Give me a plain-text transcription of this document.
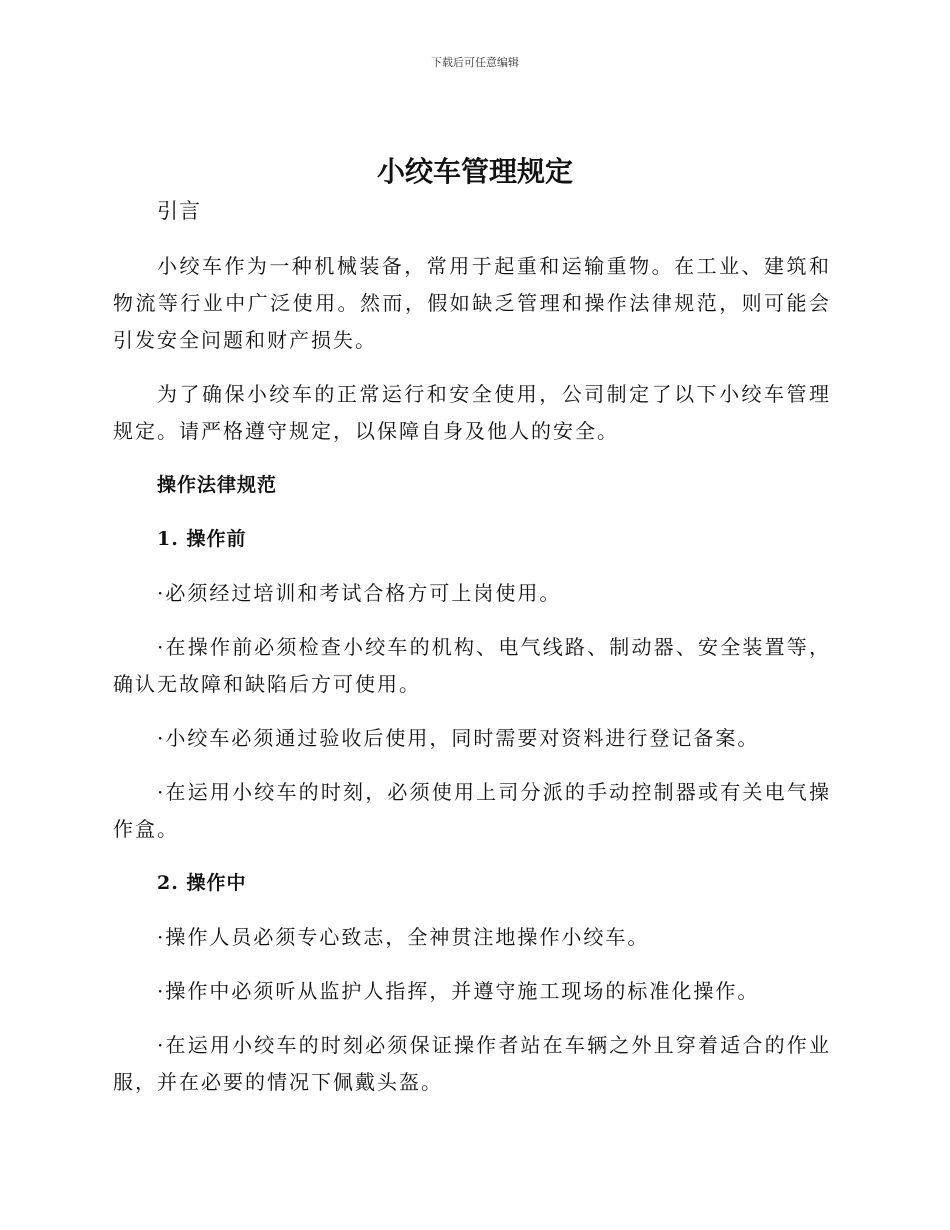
下载后可任意编辑
小绞车管理规定
引言

小绞车作为一种机械装备，常用于起重和运输重物。在工业、建筑和物流等行业中广泛使用。然而，假如缺乏管理和操作法律规范，则可能会引发安全问题和财产损失。

为了确保小绞车的正常运行和安全使用，公司制定了以下小绞车管理规定。请严格遵守规定，以保障自身及他人的安全。

操作法律规范
1. 操作前

·必须经过培训和考试合格方可上岗使用。

·在操作前必须检查小绞车的机构、电气线路、制动器、安全装置等，确认无故障和缺陷后方可使用。

·小绞车必须通过验收后使用，同时需要对资料进行登记备案。

·在运用小绞车的时刻，必须使用上司分派的手动控制器或有关电气操作盒。

2. 操作中

·操作人员必须专心致志，全神贯注地操作小绞车。

·操作中必须听从监护人指挥，并遵守施工现场的标准化操作。

·在运用小绞车的时刻必须保证操作者站在车辆之外且穿着适合的作业服，并在必要的情况下佩戴头盔。
